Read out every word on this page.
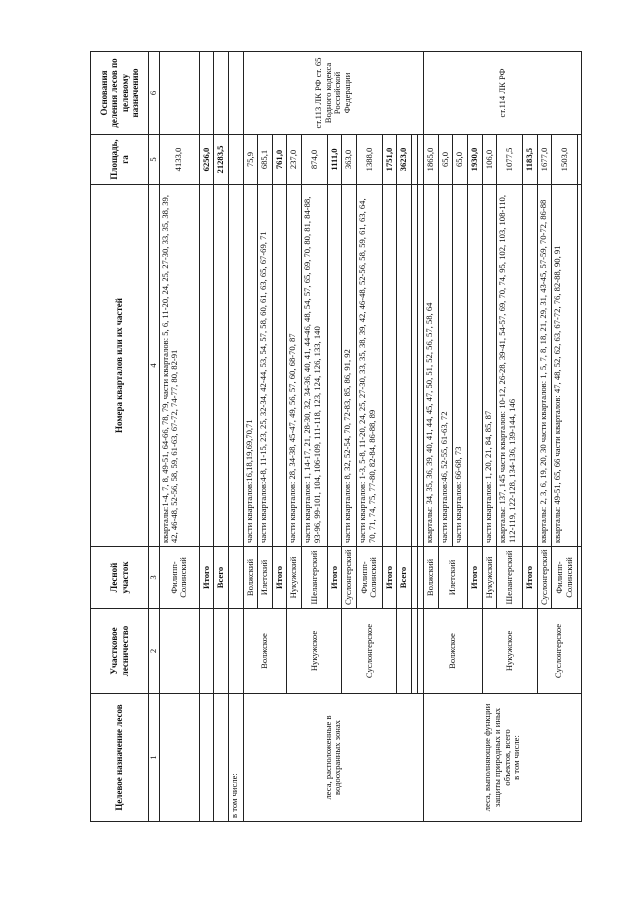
Целевое назначение лесов	Участковое лесничество	Лесной участок	Номера кварталов или их частей	Площадь, га	Основания деления лесов по целевому назначению
1	2	3	4	5	6
		Филипп-Солинский	кварталы:1-4, 7, 8, 49-51, 64-66, 78, 79, части кварталов: 5, 6, 11-20, 24, 25, 27-30, 33, 35, 38, 39, 42, 46-48, 52-56, 58, 59, 61-63, 67-72, 74-77, 80, 82-91	4133,0	
		Итого		6256,0	
		Всего		21283,5	
в том числе:					
леса, расположенные в водоохранных зонах	Волжское	Волжский	части кварталов:16,18,19,69,70,71	75,9	ст.113 ЛК РФ ст. 65 Водного кодекса Российской Федерации
		Илетский	части кварталов:4-8, 11-15, 23, 25, 32-34, 42-44, 53, 54, 57, 58, 60, 61, 63, 65, 67-69, 71	685,1	
		Итого		761,0	
	Нукужское	Нукужский	части кварталов: 28, 34-38, 45-47, 49, 56, 57, 60, 68-70, 87	237,0	
		Шелангерский	части кварталов: 1, 14-17, 21, 28-30, 32, 34-36, 40, 41, 44-46, 48, 54, 57, 65, 69, 70, 80, 81, 84-88, 93-96, 99-101, 104, 106-109, 111-118, 123, 124, 126, 133, 140	874,0	
		Итого		1111,0	
	Суслонгерское	Суслонгерский	части кварталов: 8, 32, 52-54, 70, 72-83, 85, 86, 91, 92	363,0	
		Филипп-Солинский	части кварталов: 1-3, 5-8, 11-20, 24, 25, 27-30, 33, 35, 38, 39, 42, 46-48, 52-56, 58, 59, 61, 63, 64, 70, 71, 74, 75, 77-80, 82-84, 86-88, 89	1388,0	
		Итого		1751,0	
		Всего		3623,0	

леса, выполняющие функции защиты природных и иных объектов, всего
в том числе:	Волжское	Волжский	кварталы: 34, 35, 36, 39, 40, 41, 44, 45, 47, 50, 51, 52, 56, 57, 58, 64	1865,0	ст.114 ЛК РФ
		Илетский	части кварталов:46, 52-55, 61-63, 72	65,0	
			части кварталов: 66-68, 73	65,0	
		Итого		1930,0	
	Нукужское	Нукужский	части кварталов: 1, 20, 21, 84, 85, 87	106,0	
		Шелангерский	кварталы: 137, 145 части кварталов: 10-12, 26-28, 39-41, 54-57, 69, 70, 74, 95, 102, 103, 108-110, 112-119, 122-128, 134-136, 139-144, 146	1077,5	
		Итого		1183,5	
	Суслонгерское	Суслонгерский	кварталы: 2, 3, 6, 19, 20, 30 части кварталов: 1, 5, 7, 8, 18, 21, 29, 31, 43-45, 57-59, 70-72, 86-88	1677,0	
		Филипп-Солинский	кварталы: 49-51, 65, 66 части кварталов: 47, 48, 52, 62, 63, 67-72, 76, 82-88, 90, 91	1503,0	
